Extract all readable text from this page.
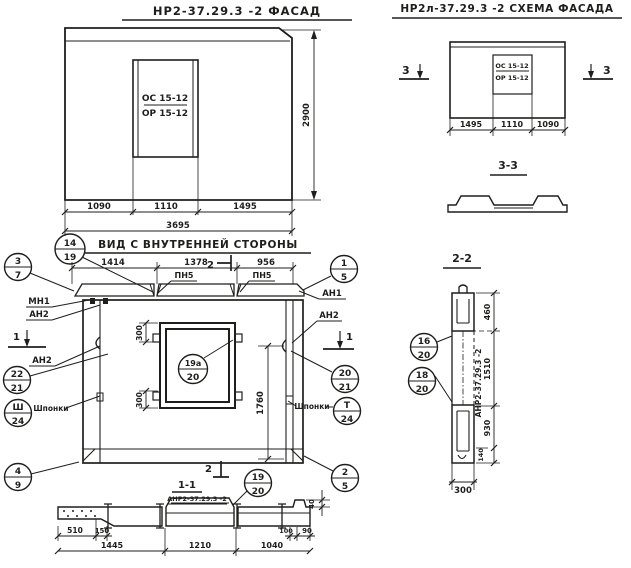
НР2-37.29.3 -2 ФАСАД
ОС 15-12
ОР 15-12	2900
1090	1110	1495
3695
НР2л-37.29.3 -2 СХЕМА ФАСАДА
ОС 15-12
ОР 15-12
3	3
1495 1110 1090
3-3
ВИД С ВНУТРЕННЕЙ СТОРОНЫ
14
19	1414	1378	956
2
ПН5	ПН5
1
5
АН1
300
300
19а
20
1760
АН2
1
20
21
Шпонки Т
24
2
5
МН1
АН2
3
7
1
АН2
22
21
Ш
24
Шпонки
4
9
2
1-1
АНР2-37.29.3 -2
19
20
40
510 150	100 90
1445	1210	1040
2-2
АНР2-37.29.3 -2
16
20
18
20
460
1510
930
140
300
